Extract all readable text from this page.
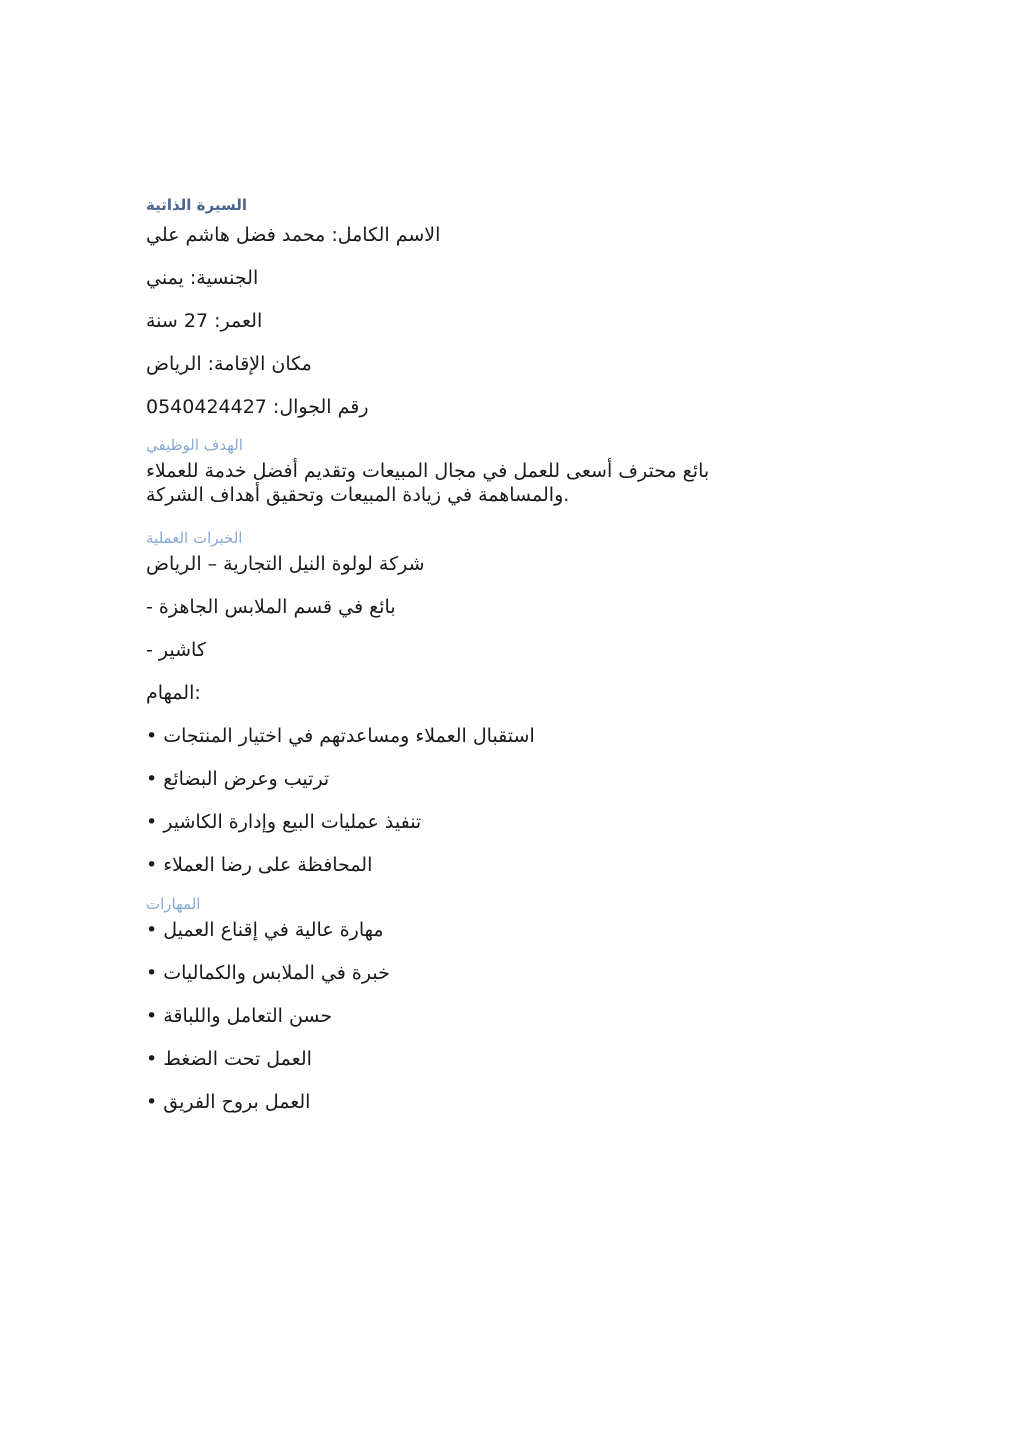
السيرة الذاتية
الاسم الكامل: محمد فضل هاشم علي
الجنسية: يمني
العمر: 27 سنة
مكان الإقامة: الرياض
رقم الجوال: 0540424427
الهدف الوظيفي
بائع محترف أسعى للعمل في مجال المبيعات وتقديم أفضل خدمة للعملاء
.والمساهمة في زيادة المبيعات وتحقيق أهداف الشركة
الخبرات العملية
شركة لولوة النيل التجارية – الرياض
بائع في قسم الملابس الجاهزة -
كاشير -
:المهام
استقبال العملاء ومساعدتهم في اختيار المنتجات •
ترتيب وعرض البضائع •
تنفيذ عمليات البيع وإدارة الكاشير •
المحافظة على رضا العملاء •
المهارات
مهارة عالية في إقناع العميل •
خبرة في الملابس والكماليات •
حسن التعامل واللباقة •
العمل تحت الضغط •
العمل بروح الفريق •
